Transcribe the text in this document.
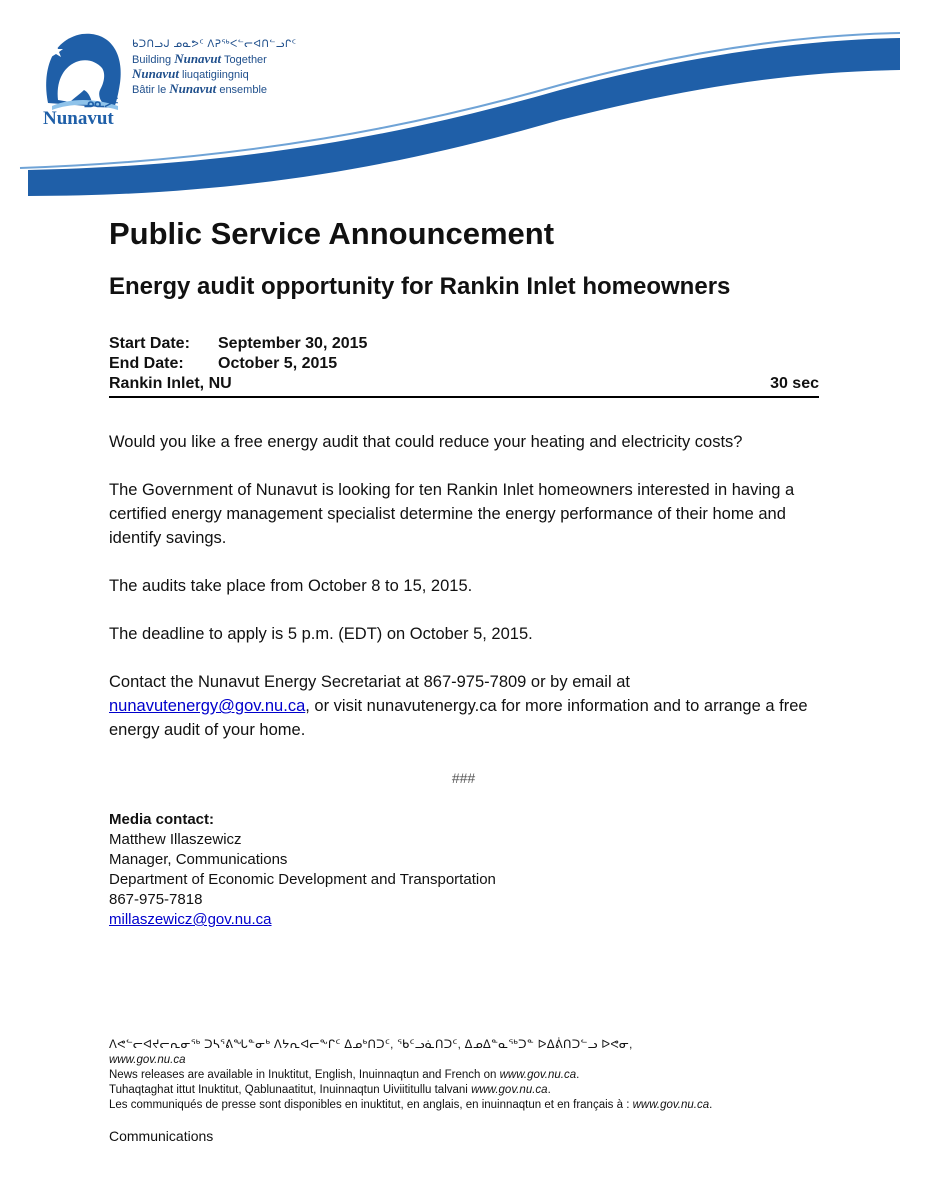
ᓄᓇᕗᑦ
Nunavut
ᑲᑐᑎᓗᒍ ᓄᓇᕗᑦ ᐱᕈᖅᐸᓪᓕᐊᑎᓪᓗᒋᑦ
Building Nunavut Together
Nunavut liuqatigiingniq
Bâtir le Nunavut ensemble
Public Service Announcement
Energy audit opportunity for Rankin Inlet homeowners
Start Date:	September 30, 2015
End Date:	October 5, 2015
Rankin Inlet, NU	30 sec

Would you like a free energy audit that could reduce your heating and electricity costs?

The Government of Nunavut is looking for ten Rankin Inlet homeowners interested in having a certified energy management specialist determine the energy performance of their home and identify savings.

The audits take place from October 8 to 15, 2015.

The deadline to apply is 5 p.m. (EDT) on October 5, 2015.

Contact the Nunavut Energy Secretariat at 867-975-7809 or by email at nunavutenergy@gov.nu.ca, or visit nunavutenergy.ca for more information and to arrange a free energy audit of your home.

###
Media contact:
Matthew Illaszewicz
Manager, Communications
Department of Economic Development and Transportation
867-975-7818
millaszewicz@gov.nu.ca
ᐱᕙᓪᓕᐊᔪᓕᕆᓂᖅ ᑐᓴᕐᕕᖓᓐᓂᒃ ᐱᔭᕆᐊᓕᖕᒋᑦ ᐃᓄᒃᑎᑐᑦ, ᖃᑦᓗᓈᑎᑐᑦ, ᐃᓄᐃᓐᓇᖅᑐᓐ ᐅᐃᕖᑎᑐᓪᓗ ᐅᕙᓂ,
www.gov.nu.ca
News releases are available in Inuktitut, English, Inuinnaqtun and French on www.gov.nu.ca.
Tuhaqtaghat ittut Inuktitut, Qablunaatitut, Inuinnaqtun Uiviititullu talvani www.gov.nu.ca.
Les communiqués de presse sont disponibles en inuktitut, en anglais, en inuinnaqtun et en français à : www.gov.nu.ca.
Communications
